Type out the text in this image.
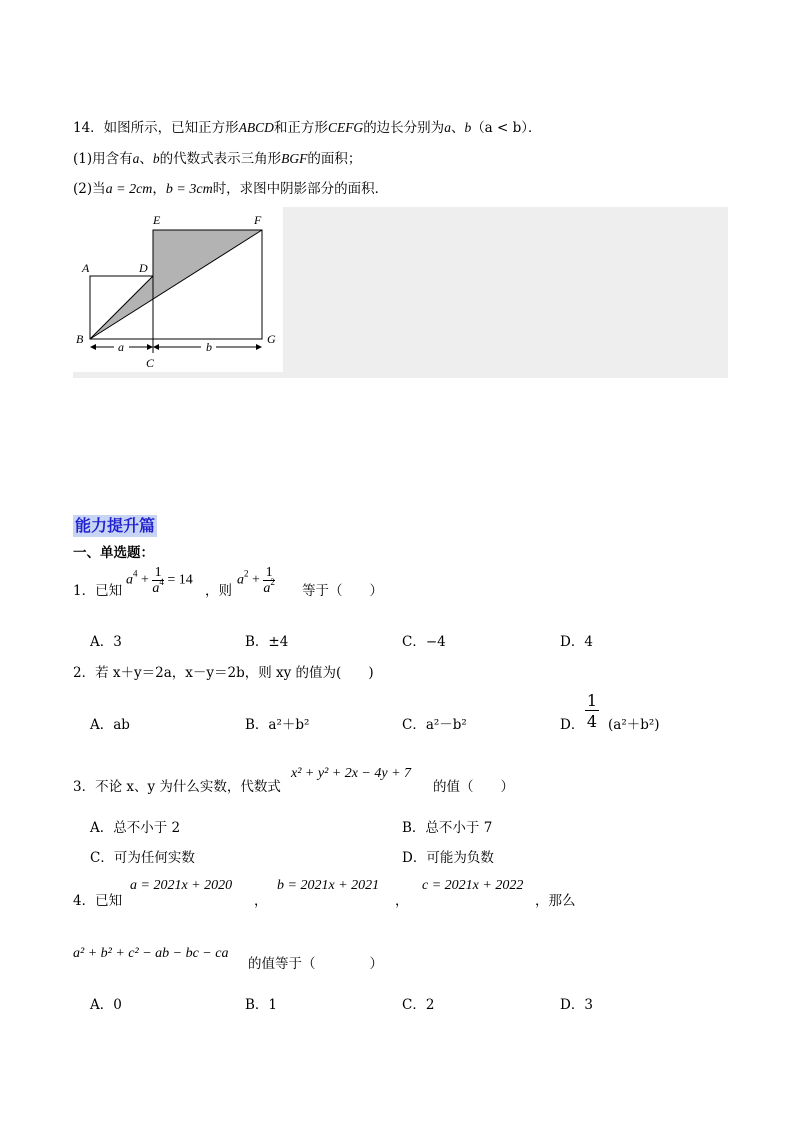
14．如图所示，已知正方形ABCD和正方形CEFG的边长分别为a、b（a < b）．
(1)用含有a、b的代数式表示三角形BGF的面积；
(2)当a = 2cm，b = 3cm时，求图中阴影部分的面积．
A
B
C
D
E	F
G
a	b
能力提升篇
一、单选题：
1．已知
$a^4 + \frac{1}{a^4} = 14$
，则
$a^2 + \frac{1}{a^2}$ 等于（　　）
A．3	B．±4	C．−4	D．4
2．若 x＋y＝2a，x－y＝2b，则 xy 的值为(　　)
A．ab	B．a²＋b²	C．a²－b²	D．
1
4 (a²＋b²)
3．不论 x、y 为什么实数，代数式
x² + y² + 2x − 4y + 7
的值（　　）
A．总不小于 2	B．总不小于 7
C．可为任何实数	D．可能为负数
4．已知
a = 2021x + 2020
，
b = 2021x + 2021
，
c = 2021x + 2022
，那么
a² + b² + c² − ab − bc − ca
的值等于（　　　　）
A．0	B．1	C．2	D．3
